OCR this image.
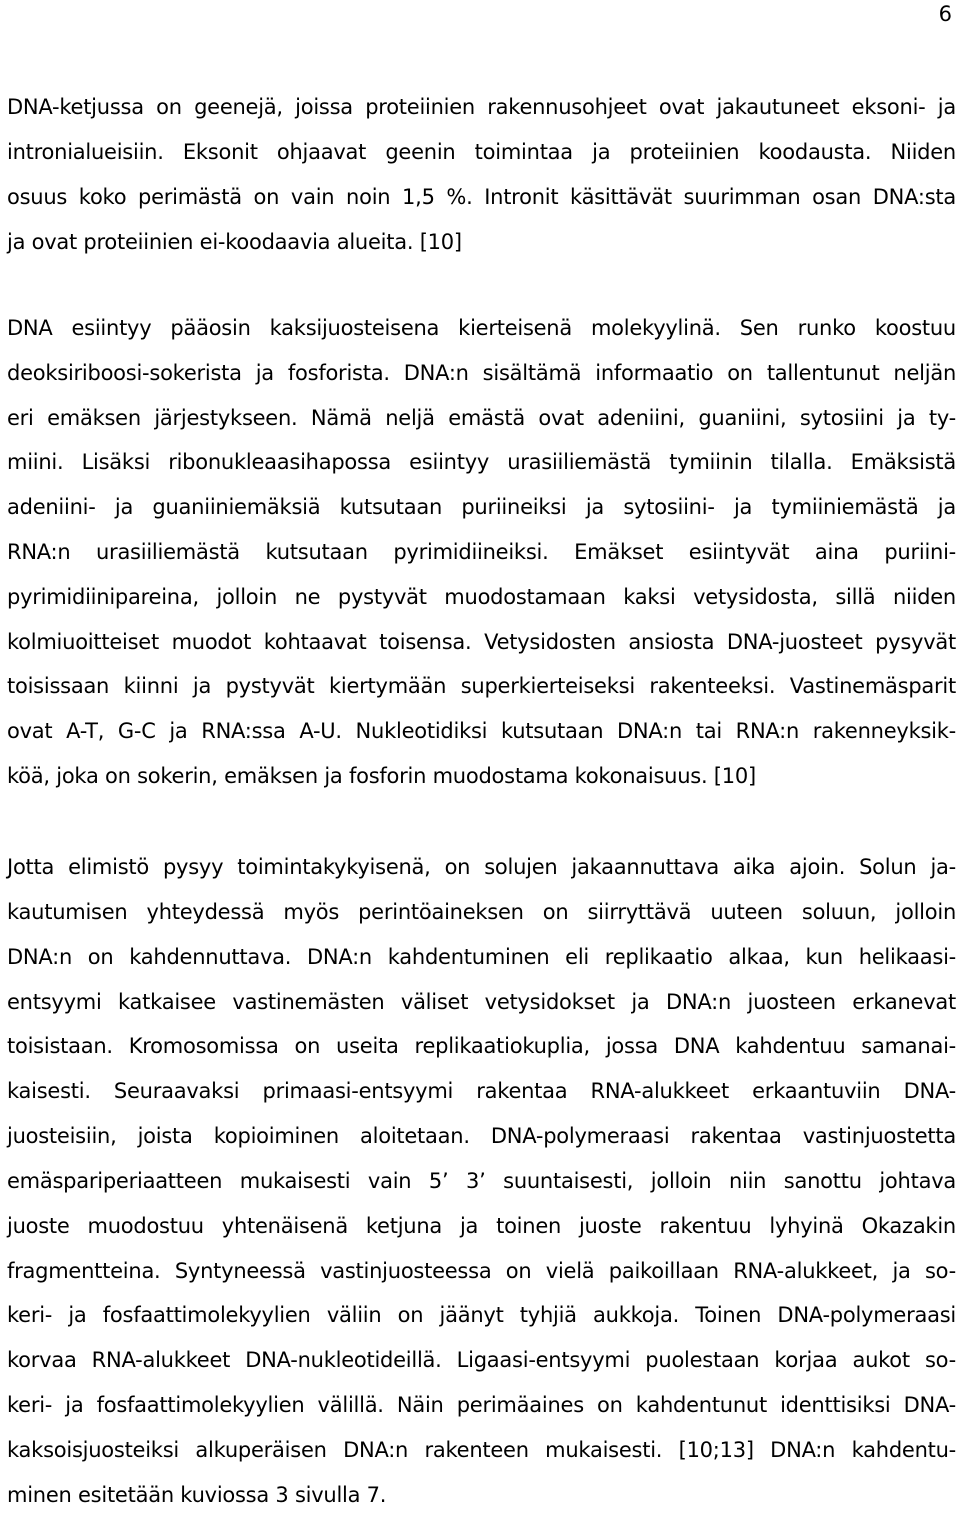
6
DNA-ketjussa on geenejä, joissa proteiinien rakennusohjeet ovat jakautuneet eksoni- ja
intronialueisiin. Eksonit ohjaavat geenin toimintaa ja proteiinien koodausta. Niiden
osuus koko perimästä on vain noin 1,5 %. Intronit käsittävät suurimman osan DNA:sta
ja ovat proteiinien ei-koodaavia alueita. [10]
DNA esiintyy pääosin kaksijuosteisena kierteisenä molekyylinä. Sen runko koostuu
deoksiriboosi-sokerista ja fosforista. DNA:n sisältämä informaatio on tallentunut neljän
eri emäksen järjestykseen. Nämä neljä emästä ovat adeniini, guaniini, sytosiini ja ty-
miini. Lisäksi ribonukleaasihapossa esiintyy urasiiliemästä tymiinin tilalla. Emäksistä
adeniini- ja guaniiniemäksiä kutsutaan puriineiksi ja sytosiini- ja tymiiniemästä ja
RNA:n urasiiliemästä kutsutaan pyrimidiineiksi. Emäkset esiintyvät aina puriini-
pyrimidiinipareina, jolloin ne pystyvät muodostamaan kaksi vetysidosta, sillä niiden
kolmiuoitteiset muodot kohtaavat toisensa. Vetysidosten ansiosta DNA-juosteet pysyvät
toisissaan kiinni ja pystyvät kiertymään superkierteiseksi rakenteeksi. Vastinemäsparit
ovat A-T, G-C ja RNA:ssa A-U. Nukleotidiksi kutsutaan DNA:n tai RNA:n rakenneyksik-
köä, joka on sokerin, emäksen ja fosforin muodostama kokonaisuus. [10]
Jotta elimistö pysyy toimintakykyisenä, on solujen jakaannuttava aika ajoin. Solun ja-
kautumisen yhteydessä myös perintöaineksen on siirryttävä uuteen soluun, jolloin
DNA:n on kahdennuttava. DNA:n kahdentuminen eli replikaatio alkaa, kun helikaasi-
entsyymi katkaisee vastinemästen väliset vetysidokset ja DNA:n juosteen erkanevat
toisistaan. Kromosomissa on useita replikaatiokuplia, jossa DNA kahdentuu samanai-
kaisesti. Seuraavaksi primaasi-entsyymi rakentaa RNA-alukkeet erkaantuviin DNA-
juosteisiin, joista kopioiminen aloitetaan. DNA-polymeraasi rakentaa vastinjuostetta
emäspariperiaatteen mukaisesti vain 5’ 3’ suuntaisesti, jolloin niin sanottu johtava
juoste muodostuu yhtenäisenä ketjuna ja toinen juoste rakentuu lyhyinä Okazakin
fragmentteina. Syntyneessä vastinjuosteessa on vielä paikoillaan RNA-alukkeet, ja so-
keri- ja fosfaattimolekyylien väliin on jäänyt tyhjiä aukkoja. Toinen DNA-polymeraasi
korvaa RNA-alukkeet DNA-nukleotideillä. Ligaasi-entsyymi puolestaan korjaa aukot so-
keri- ja fosfaattimolekyylien välillä. Näin perimäaines on kahdentunut identtisiksi DNA-
kaksoisjuosteiksi alkuperäisen DNA:n rakenteen mukaisesti. [10;13] DNA:n kahdentu-
minen esitetään kuviossa 3 sivulla 7.
